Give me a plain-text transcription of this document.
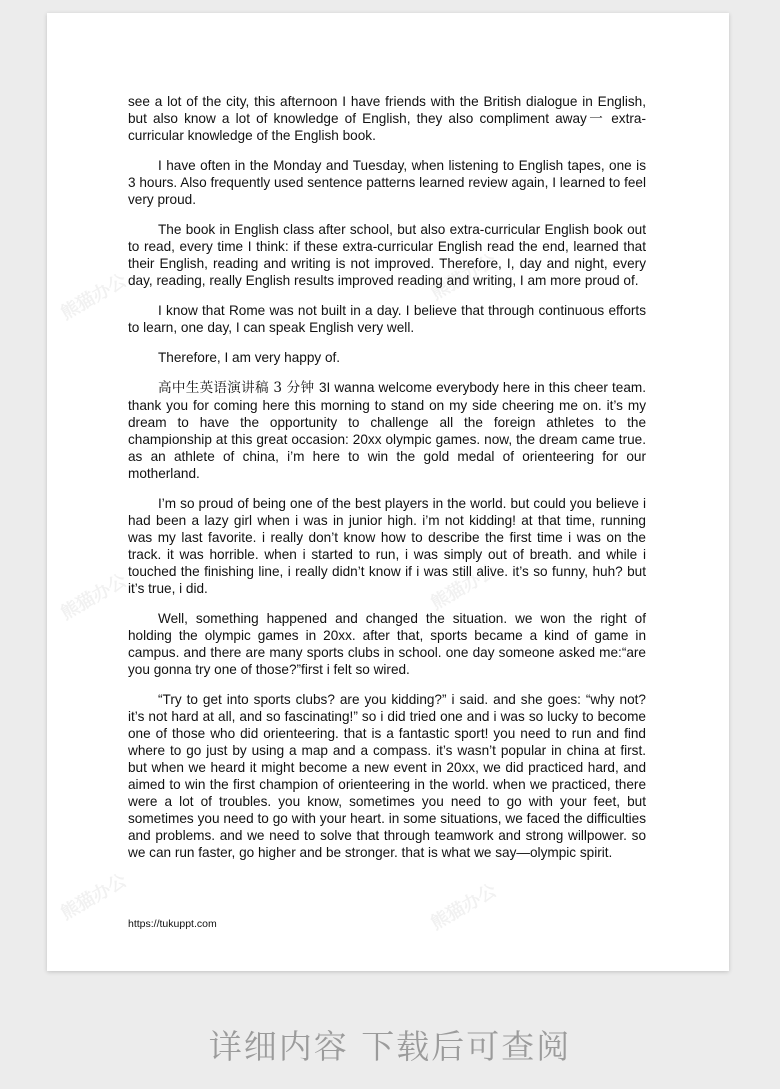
熊猫办公	熊猫办公
熊猫办公	熊猫办公
熊猫办公	熊猫办公

see a lot of the city, this afternoon I have friends with the British dialogue in English, but also know a lot of knowledge of English, they also compliment away一 extra-curricular knowledge of the English book.

I have often in the Monday and Tuesday, when listening to English tapes, one is 3 hours. Also frequently used sentence patterns learned review again, I learned to feel very proud.

The book in English class after school, but also extra-curricular English book out to read, every time I think: if these extra-curricular English read the end, learned that their English, reading and writing is not improved. Therefore, I, day and night, every day, reading, really English results improved reading and writing, I am more proud of.

I know that Rome was not built in a day. I believe that through continuous efforts to learn, one day, I can speak English very well.

Therefore, I am very happy of.

高中生英语演讲稿 3 分钟 3I wanna welcome everybody here in this cheer team. thank you for coming here this morning to stand on my side cheering me on. it’s my dream to have the opportunity to challenge all the foreign athletes to the championship at this great occasion: 20xx olympic games. now, the dream came true. as an athlete of china, i’m here to win the gold medal of orienteering for our motherland.

I’m so proud of being one of the best players in the world. but could you believe i had been a lazy girl when i was in junior high. i’m not kidding! at that time, running was my last favorite. i really don’t know how to describe the first time i was on the track. it was horrible. when i started to run, i was simply out of breath. and while i touched the finishing line, i really didn’t know if i was still alive. it’s so funny, huh? but it’s true, i did.

Well, something happened and changed the situation. we won the right of holding the olympic games in 20xx. after that, sports became a kind of game in campus. and there are many sports clubs in school. one day someone asked me:“are you gonna try one of those?”first i felt so wired.

“Try to get into sports clubs? are you kidding?” i said. and she goes: “why not? it’s not hard at all, and so fascinating!” so i did tried one and i was so lucky to become one of those who did orienteering. that is a fantastic sport! you need to run and find where to go just by using a map and a compass. it’s wasn’t popular in china at first. but when we heard it might become a new event in 20xx, we did practiced hard, and aimed to win the first champion of orienteering in the world. when we practiced, there were a lot of troubles. you know, sometimes you need to go with your feet, but sometimes you need to go with your heart. in some situations, we faced the difficulties and problems. and we need to solve that through teamwork and strong willpower. so we can run faster, go higher and be stronger. that is what we say—olympic spirit.

https://tukuppt.com
详细内容 下载后可查阅
